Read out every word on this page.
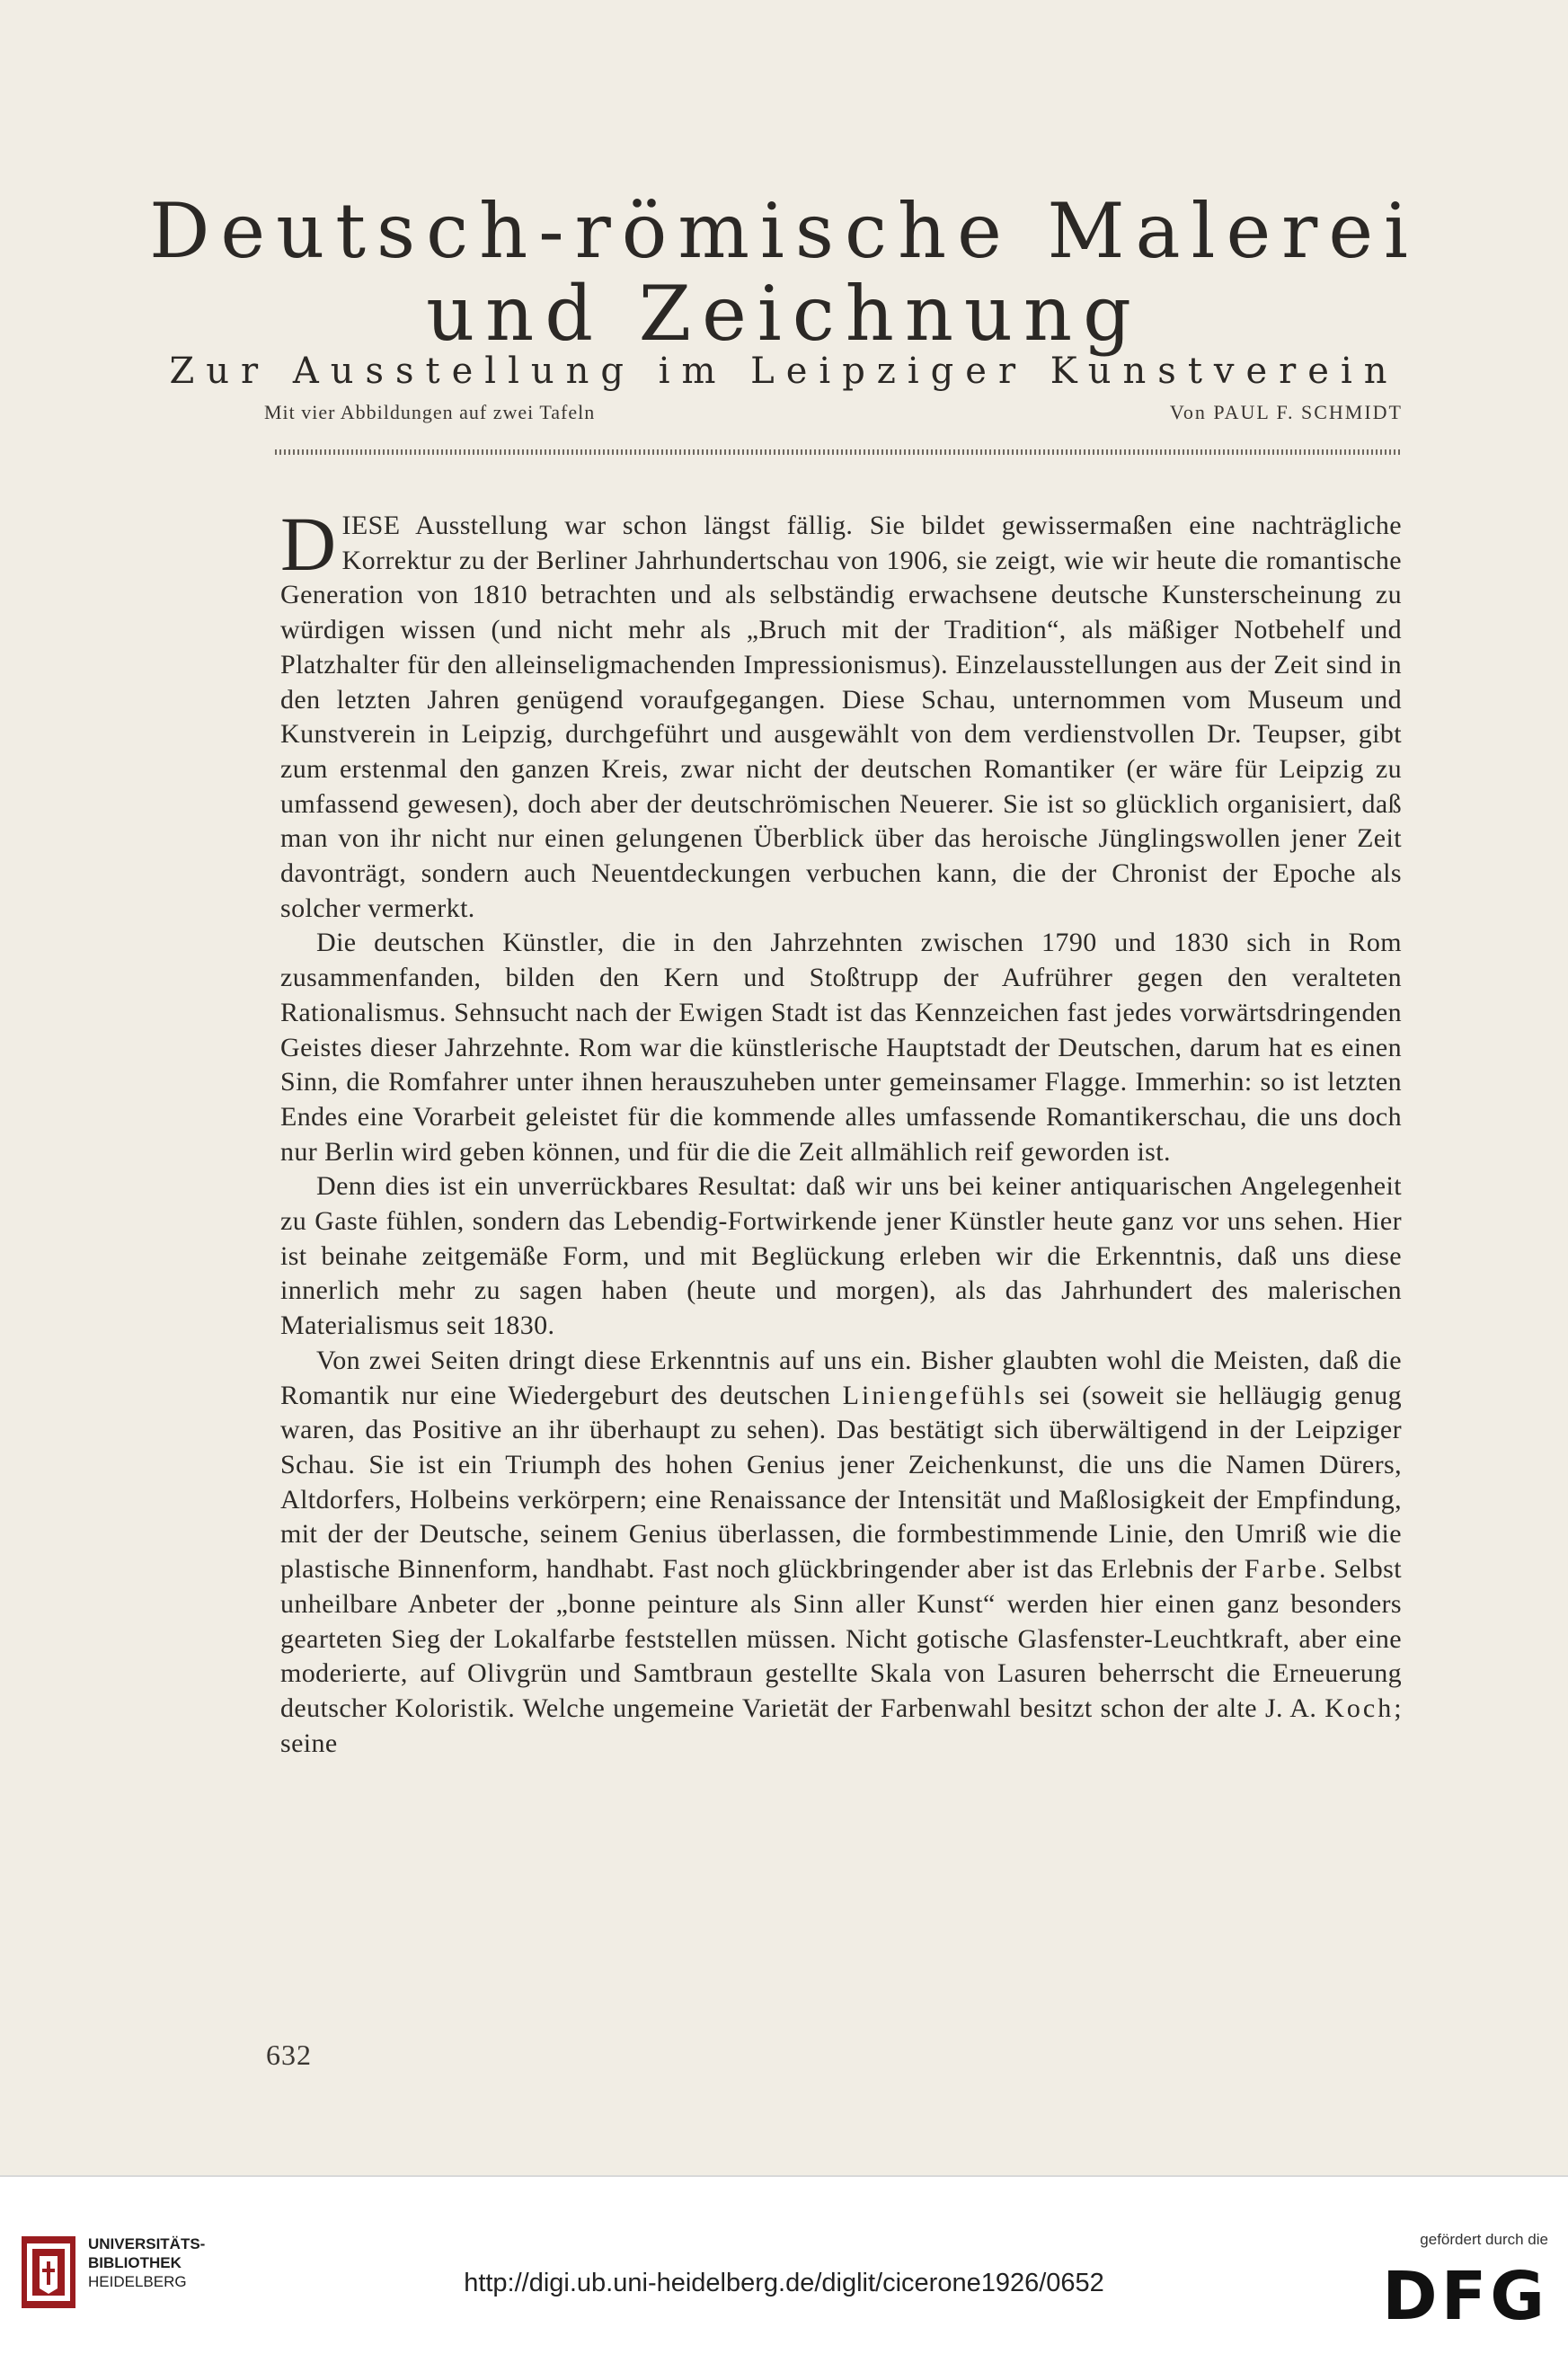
Deutsch-römische Malerei
und Zeichnung
Zur Ausstellung im Leipziger Kunstverein
Mit vier Abbildungen auf zwei Tafeln	Von PAUL F. SCHMIDT

DIESE Ausstellung war schon längst fällig. Sie bildet gewissermaßen eine nachträgliche Korrektur zu der Berliner Jahrhundertschau von 1906, sie zeigt, wie wir heute die romantische Generation von 1810 betrachten und als selbständig erwachsene deutsche Kunsterscheinung zu würdigen wissen (und nicht mehr als „Bruch mit der Tradition“, als mäßiger Notbehelf und Platzhalter für den alleinseligmachenden Impressionismus). Einzelausstellungen aus der Zeit sind in den letzten Jahren genügend voraufgegangen. Diese Schau, unternommen vom Museum und Kunstverein in Leipzig, durchgeführt und ausgewählt von dem verdienstvollen Dr. Teupser, gibt zum erstenmal den ganzen Kreis, zwar nicht der deutschen Romantiker (er wäre für Leipzig zu umfassend gewesen), doch aber der deutschrömischen Neuerer. Sie ist so glücklich organisiert, daß man von ihr nicht nur einen gelungenen Überblick über das heroische Jünglingswollen jener Zeit davonträgt, sondern auch Neuentdeckungen verbuchen kann, die der Chronist der Epoche als solcher vermerkt.

Die deutschen Künstler, die in den Jahrzehnten zwischen 1790 und 1830 sich in Rom zusammenfanden, bilden den Kern und Stoßtrupp der Aufrührer gegen den veralteten Rationalismus. Sehnsucht nach der Ewigen Stadt ist das Kennzeichen fast jedes vorwärtsdringenden Geistes dieser Jahrzehnte. Rom war die künstlerische Hauptstadt der Deutschen, darum hat es einen Sinn, die Romfahrer unter ihnen herauszuheben unter gemeinsamer Flagge. Immerhin: so ist letzten Endes eine Vorarbeit geleistet für die kommende alles umfassende Romantikerschau, die uns doch nur Berlin wird geben können, und für die die Zeit allmählich reif geworden ist.

Denn dies ist ein unverrückbares Resultat: daß wir uns bei keiner antiquarischen Angelegenheit zu Gaste fühlen, sondern das Lebendig-Fortwirkende jener Künstler heute ganz vor uns sehen. Hier ist beinahe zeitgemäße Form, und mit Beglückung erleben wir die Erkenntnis, daß uns diese innerlich mehr zu sagen haben (heute und morgen), als das Jahrhundert des malerischen Materialismus seit 1830.

Von zwei Seiten dringt diese Erkenntnis auf uns ein. Bisher glaubten wohl die Meisten, daß die Romantik nur eine Wiedergeburt des deutschen Liniengefühls sei (soweit sie helläugig genug waren, das Positive an ihr überhaupt zu sehen). Das bestätigt sich überwältigend in der Leipziger Schau. Sie ist ein Triumph des hohen Genius jener Zeichenkunst, die uns die Namen Dürers, Altdorfers, Holbeins verkörpern; eine Renaissance der Intensität und Maßlosigkeit der Empfindung, mit der der Deutsche, seinem Genius überlassen, die formbestimmende Linie, den Umriß wie die plastische Binnenform, handhabt. Fast noch glückbringender aber ist das Erlebnis der Farbe. Selbst unheilbare Anbeter der „bonne peinture als Sinn aller Kunst“ werden hier einen ganz besonders gearteten Sieg der Lokalfarbe feststellen müssen. Nicht gotische Glasfenster-Leuchtkraft, aber eine moderierte, auf Olivgrün und Samtbraun gestellte Skala von Lasuren beherrscht die Erneuerung deutscher Koloristik. Welche ungemeine Varietät der Farbenwahl besitzt schon der alte J. A. Koch; seine

632
UNIVERSITÄTS-
BIBLIOTHEK
HEIDELBERG	http://digi.ub.uni-heidelberg.de/diglit/cicerone1926/0652
gefördert durch die
DFG
